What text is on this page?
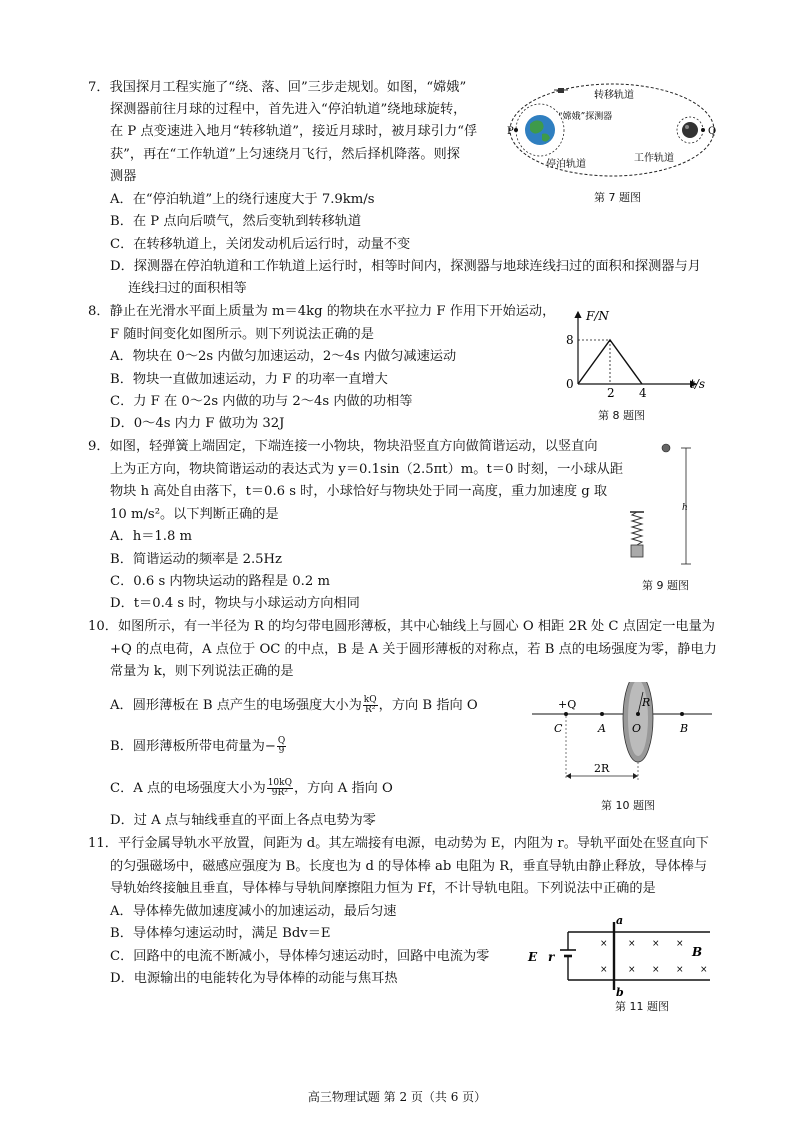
7．我国探月工程实施了“绕、落、回”三步走规划。如图，“嫦娥”
探测器前往月球的过程中，首先进入“停泊轨道”绕地球旋转，
在 P 点变速进入地月“转移轨道”，接近月球时，被月球引力“俘
获”，再在“工作轨道”上匀速绕月飞行，然后择机降落。则探
测器
A．在“停泊轨道”上的绕行速度大于 7.9km/s
B．在 P 点向后喷气，然后变轨到转移轨道
C．在转移轨道上，关闭发动机后运行时，动量不变
D．探测器在停泊轨道和工作轨道上运行时，相等时间内，探测器与地球连线扫过的面积和探测器与月
连线扫过的面积相等
P	Q
转移轨道
“嫦娥”探测器
停泊轨道
工作轨道
第 7 题图
8．静止在光滑水平面上质量为 m＝4kg 的物块在水平拉力 F 作用下开始运动，
F 随时间变化如图所示。则下列说法正确的是
A．物块在 0～2s 内做匀加速运动，2～4s 内做匀减速运动
B．物块一直做加速运动，力 F 的功率一直增大
C．力 F 在 0～2s 内做的功与 2～4s 内做的功相等
D．0～4s 内力 F 做功为 32J
2 4
8
F/N
t/s
0
第 8 题图
9．如图，轻弹簧上端固定，下端连接一小物块，物块沿竖直方向做简谐运动，以竖直向
上为正方向，物块简谐运动的表达式为 y＝0.1sin（2.5πt）m。t＝0 时刻，一小球从距
物块 h 高处自由落下，t＝0.6 s 时，小球恰好与物块处于同一高度，重力加速度 g 取
10 m/s²。以下判断正确的是
A．h＝1.8 m
B．简谐运动的频率是 2.5Hz
C．0.6 s 内物块运动的路程是 0.2 m
D．t＝0.4 s 时，物块与小球运动方向相同
h
第 9 题图
10．如图所示，有一半径为 R 的均匀带电圆形薄板，其中心轴线上与圆心 O 相距 2R 处 C 点固定一电量为
+Q 的点电荷，A 点位于 OC 的中点，B 是 A 关于圆形薄板的对称点，若 B 点的电场强度为零，静电力
常量为 k，则下列说法正确的是
A．圆形薄板在 B 点产生的电场强度大小为 $\frac{kQ}{\text{R²}}$ ，方向 B 指向 O
B．圆形薄板所带电荷量为− $\frac{Q}{9}$
C．A 点的电场强度大小为 $\frac{10kQ}{\text{9R²}}$ ，方向 A 指向 O
D．过 A 点与轴线垂直的平面上各点电势为零
+Q
C	A O	B
R
2R
第 10 题图
11．平行金属导轨水平放置，间距为 d。其左端接有电源，电动势为 E，内阻为 r。导轨平面处在竖直向下
的匀强磁场中，磁感应强度为 B。长度也为 d 的导体棒 ab 电阻为 R，垂直导轨由静止释放，导体棒与
导轨始终接触且垂直，导体棒与导轨间摩擦阻力恒为 Ff，不计导轨电阻。下列说法中正确的是
A．导体棒先做加速度减小的加速运动，最后匀速
B．导体棒匀速运动时，满足 Bdv＝E
C．回路中的电流不断减小，导体棒匀速运动时，回路中电流为零
D．电源输出的电能转化为导体棒的动能与焦耳热
E r
a
b
B
× × × ×
× × × × ×
第 11 题图
高三物理试题 第 2 页（共 6 页）
